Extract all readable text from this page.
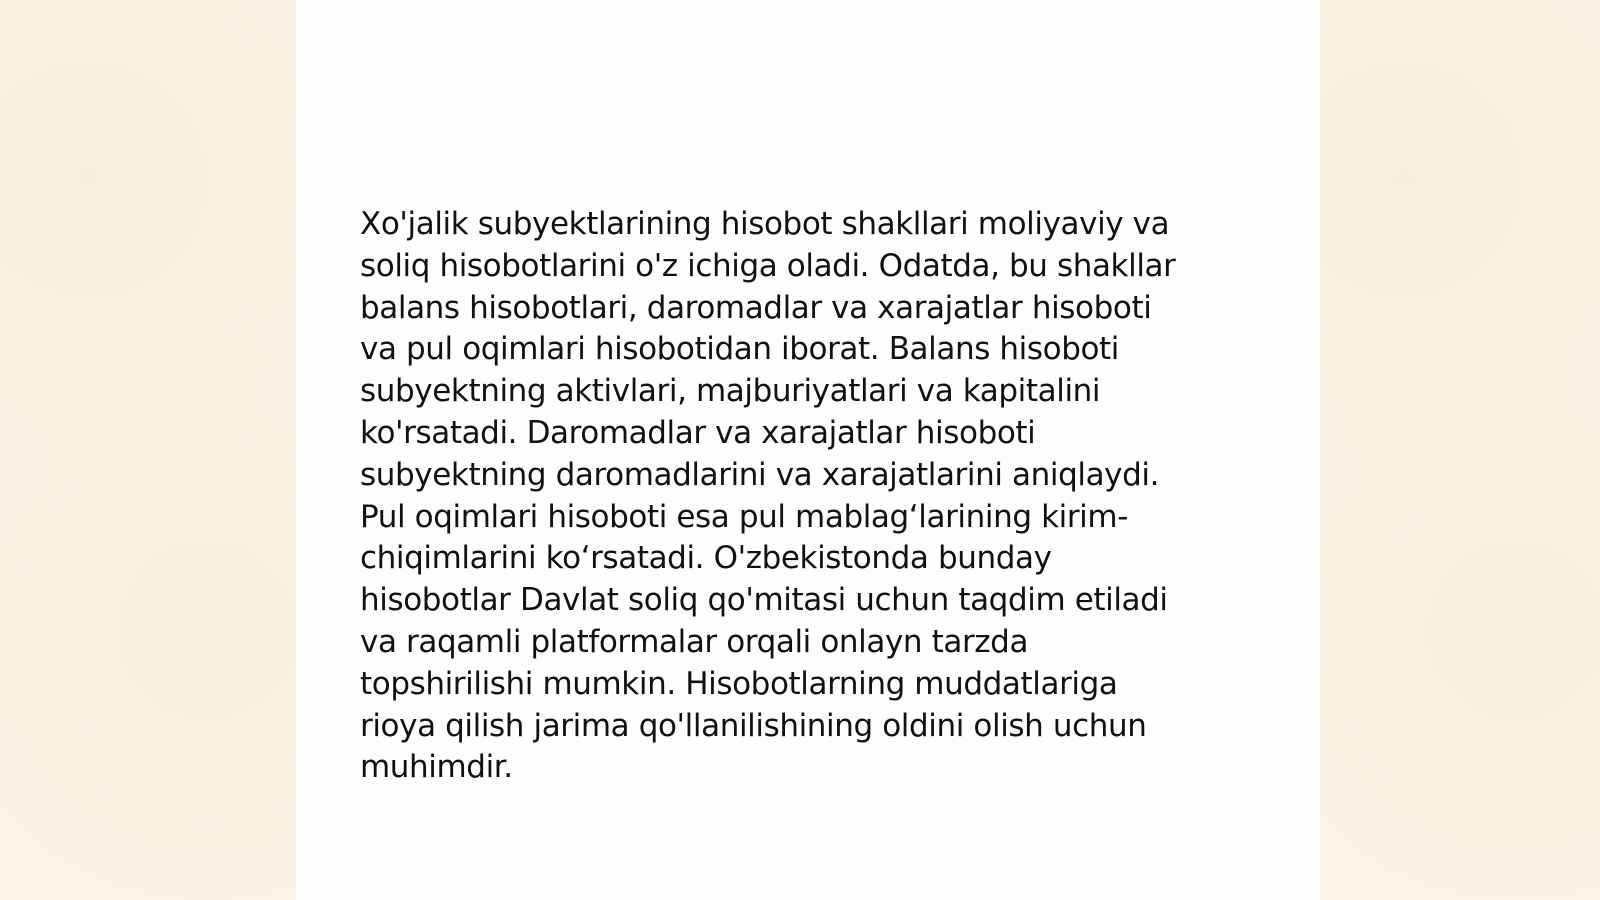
Xo'jalik subyektlarining hisobot shakllari moliyaviy va
soliq hisobotlarini o'z ichiga oladi. Odatda, bu shakllar
balans hisobotlari, daromadlar va xarajatlar hisoboti
va pul oqimlari hisobotidan iborat. Balans hisoboti
subyektning aktivlari, majburiyatlari va kapitalini
ko'rsatadi. Daromadlar va xarajatlar hisoboti
subyektning daromadlarini va xarajatlarini aniqlaydi.
Pul oqimlari hisoboti esa pul mablag‘larining kirim-
chiqimlarini ko‘rsatadi. O'zbekistonda bunday
hisobotlar Davlat soliq qo'mitasi uchun taqdim etiladi
va raqamli platformalar orqali onlayn tarzda
topshirilishi mumkin. Hisobotlarning muddatlariga
rioya qilish jarima qo'llanilishining oldini olish uchun
muhimdir.
